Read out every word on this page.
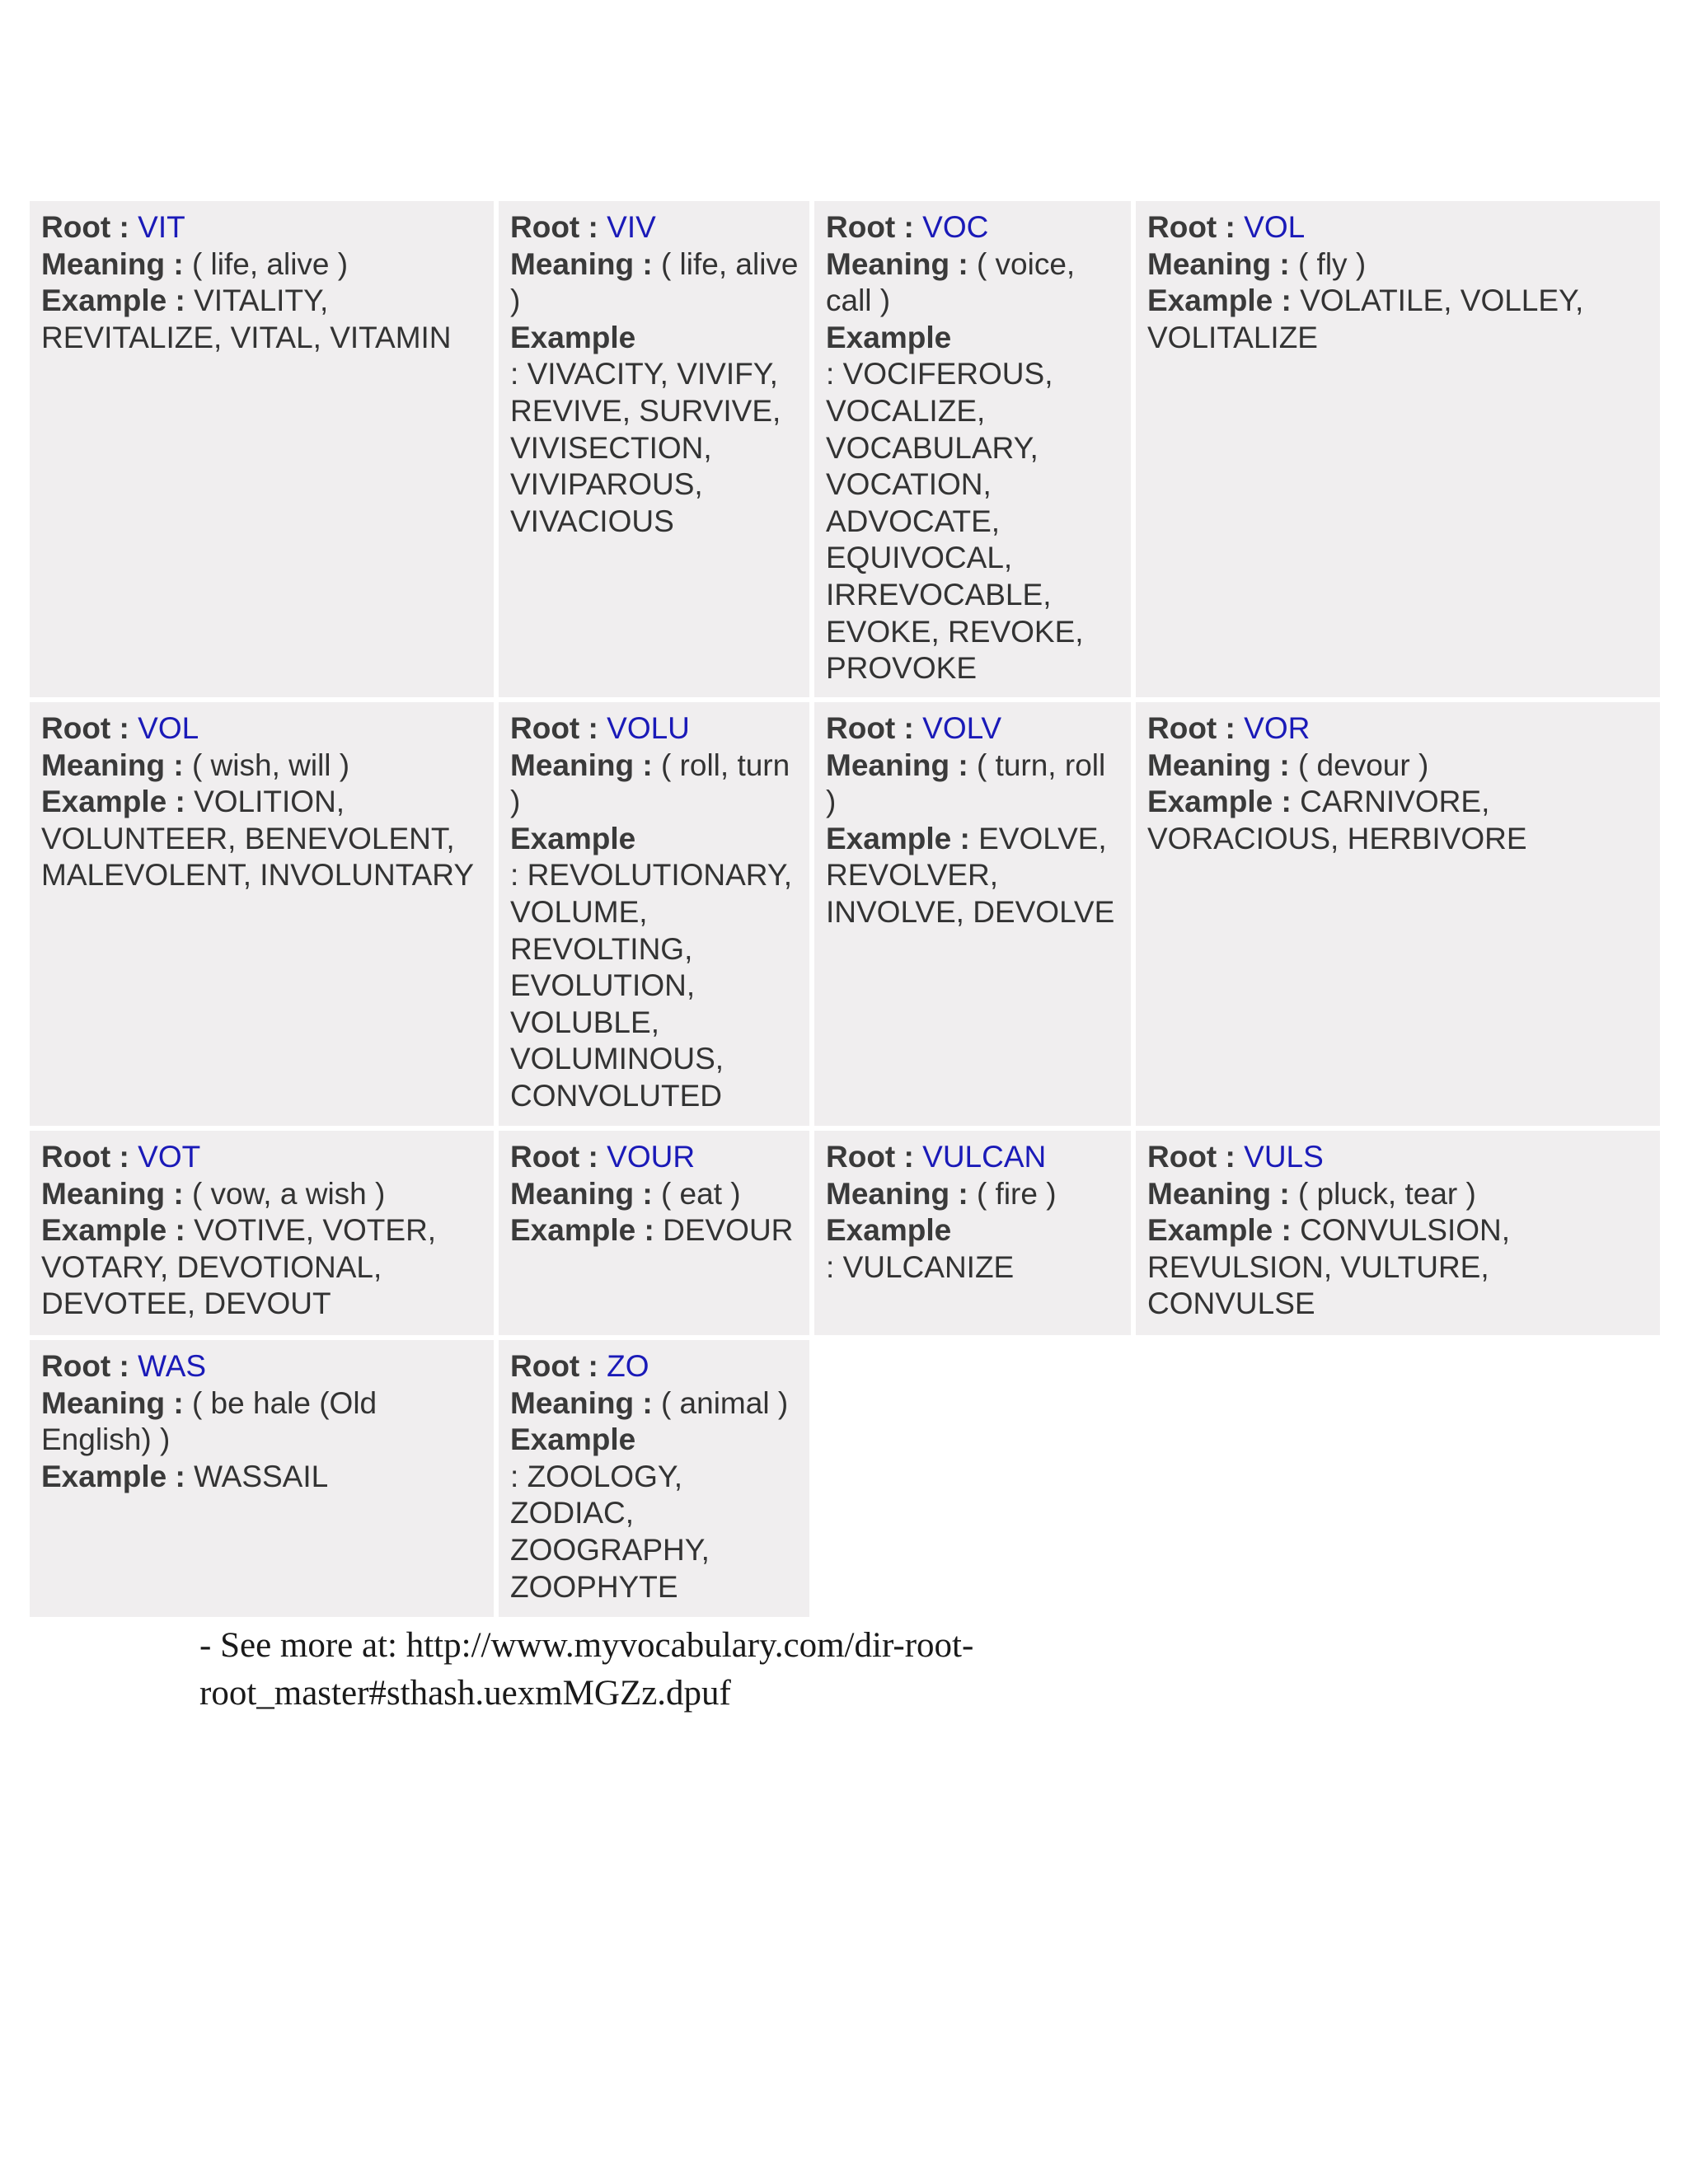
Root : VIT
Meaning : ( life, alive )
Example : VITALITY, REVITALIZE, VITAL, VITAMIN
Root : VIV
Meaning : ( life, alive )
Example
: VIVACITY, VIVIFY, REVIVE, SURVIVE, VIVISECTION, VIVIPAROUS, VIVACIOUS
Root : VOC
Meaning : ( voice, call )
Example
: VOCIFEROUS, VOCALIZE, VOCABULARY, VOCATION, ADVOCATE, EQUIVOCAL, IRREVOCABLE, EVOKE, REVOKE, PROVOKE
Root : VOL
Meaning : ( fly )
Example : VOLATILE, VOLLEY, VOLITALIZE
Root : VOL
Meaning : ( wish, will )
Example : VOLITION, VOLUNTEER, BENEVOLENT, MALEVOLENT, INVOLUNTARY
Root : VOLU
Meaning : ( roll, turn )
Example
: REVOLUTIONARY, VOLUME, REVOLTING, EVOLUTION, VOLUBLE, VOLUMINOUS, CONVOLUTED
Root : VOLV
Meaning : ( turn, roll )
Example : EVOLVE, REVOLVER, INVOLVE, DEVOLVE
Root : VOR
Meaning : ( devour )
Example : CARNIVORE, VORACIOUS, HERBIVORE
Root : VOT
Meaning : ( vow, a wish )
Example : VOTIVE, VOTER, VOTARY, DEVOTIONAL, DEVOTEE, DEVOUT
Root : VOUR
Meaning : ( eat )
Example : DEVOUR
Root : VULCAN
Meaning : ( fire )
Example
: VULCANIZE
Root : VULS
Meaning : ( pluck, tear )
Example : CONVULSION, REVULSION, VULTURE, CONVULSE
Root : WAS
Meaning : ( be hale (Old English) )
Example : WASSAIL
Root : ZO
Meaning : ( animal )
Example
: ZOOLOGY, ZODIAC, ZOOGRAPHY, ZOOPHYTE
- See more at: http://www.myvocabulary.com/dir-root-
root_master#sthash.uexmMGZz.dpuf
